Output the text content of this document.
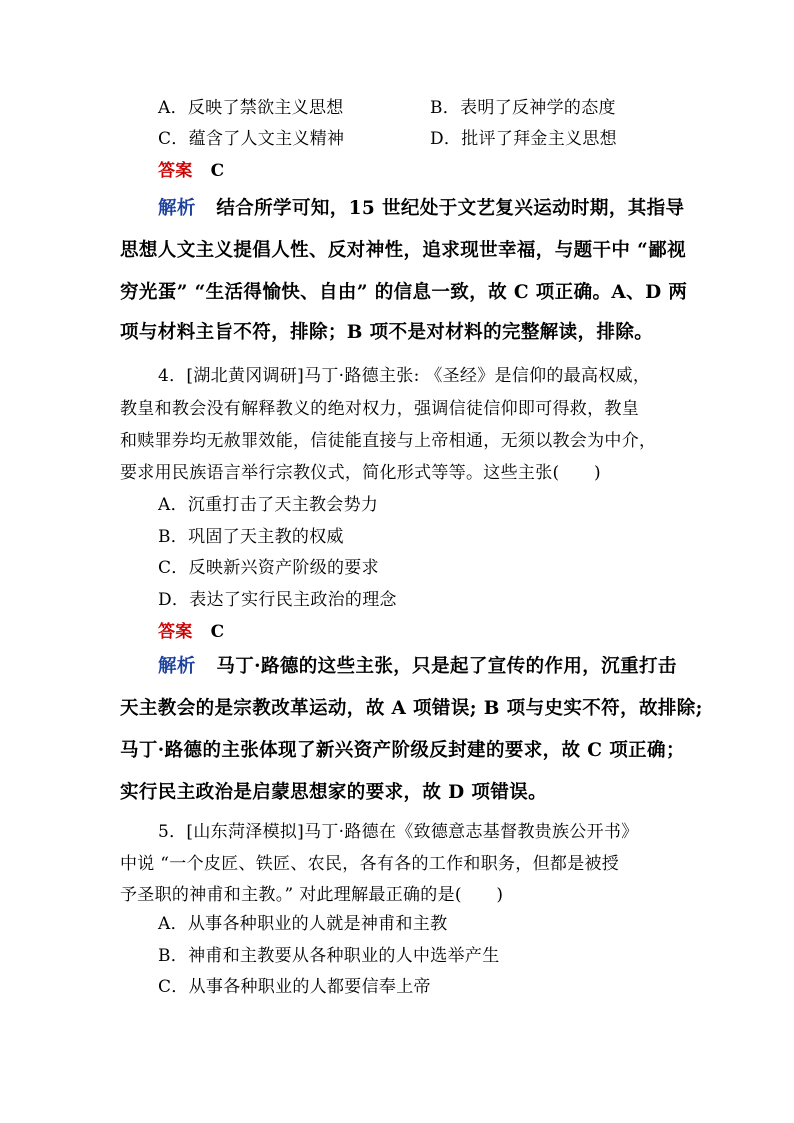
A．反映了禁欲主义思想	B．表明了反神学的态度
C．蕴含了人文主义精神	D．批评了拜金主义思想
答案 C
解析 结合所学可知，15 世纪处于文艺复兴运动时期，其指导
思想人文主义提倡人性、反对神性，追求现世幸福，与题干中 “鄙视
穷光蛋” “生活得愉快、自由” 的信息一致，故 C 项正确。A、D 两
项与材料主旨不符，排除；B 项不是对材料的完整解读，排除。
4．[湖北黄冈调研]马丁·路德主张: 《圣经》是信仰的最高权威，
教皇和教会没有解释教义的绝对权力，强调信徒信仰即可得救，教皇
和赎罪券均无赦罪效能，信徒能直接与上帝相通，无须以教会为中介，
要求用民族语言举行宗教仪式，简化形式等等。这些主张(　　)
A．沉重打击了天主教会势力
B．巩固了天主教的权威
C．反映新兴资产阶级的要求
D．表达了实行民主政治的理念
答案 C
解析 马丁·路德的这些主张，只是起了宣传的作用，沉重打击
天主教会的是宗教改革运动，故 A 项错误; B 项与史实不符，故排除;
马丁·路德的主张体现了新兴资产阶级反封建的要求，故 C 项正确；
实行民主政治是启蒙思想家的要求，故 D 项错误。
5．[山东菏泽模拟]马丁·路德在《致德意志基督教贵族公开书》
中说 “一个皮匠、铁匠、农民，各有各的工作和职务，但都是被授
予圣职的神甫和主教。” 对此理解最正确的是(　　)
A．从事各种职业的人就是神甫和主教
B．神甫和主教要从各种职业的人中选举产生
C．从事各种职业的人都要信奉上帝
